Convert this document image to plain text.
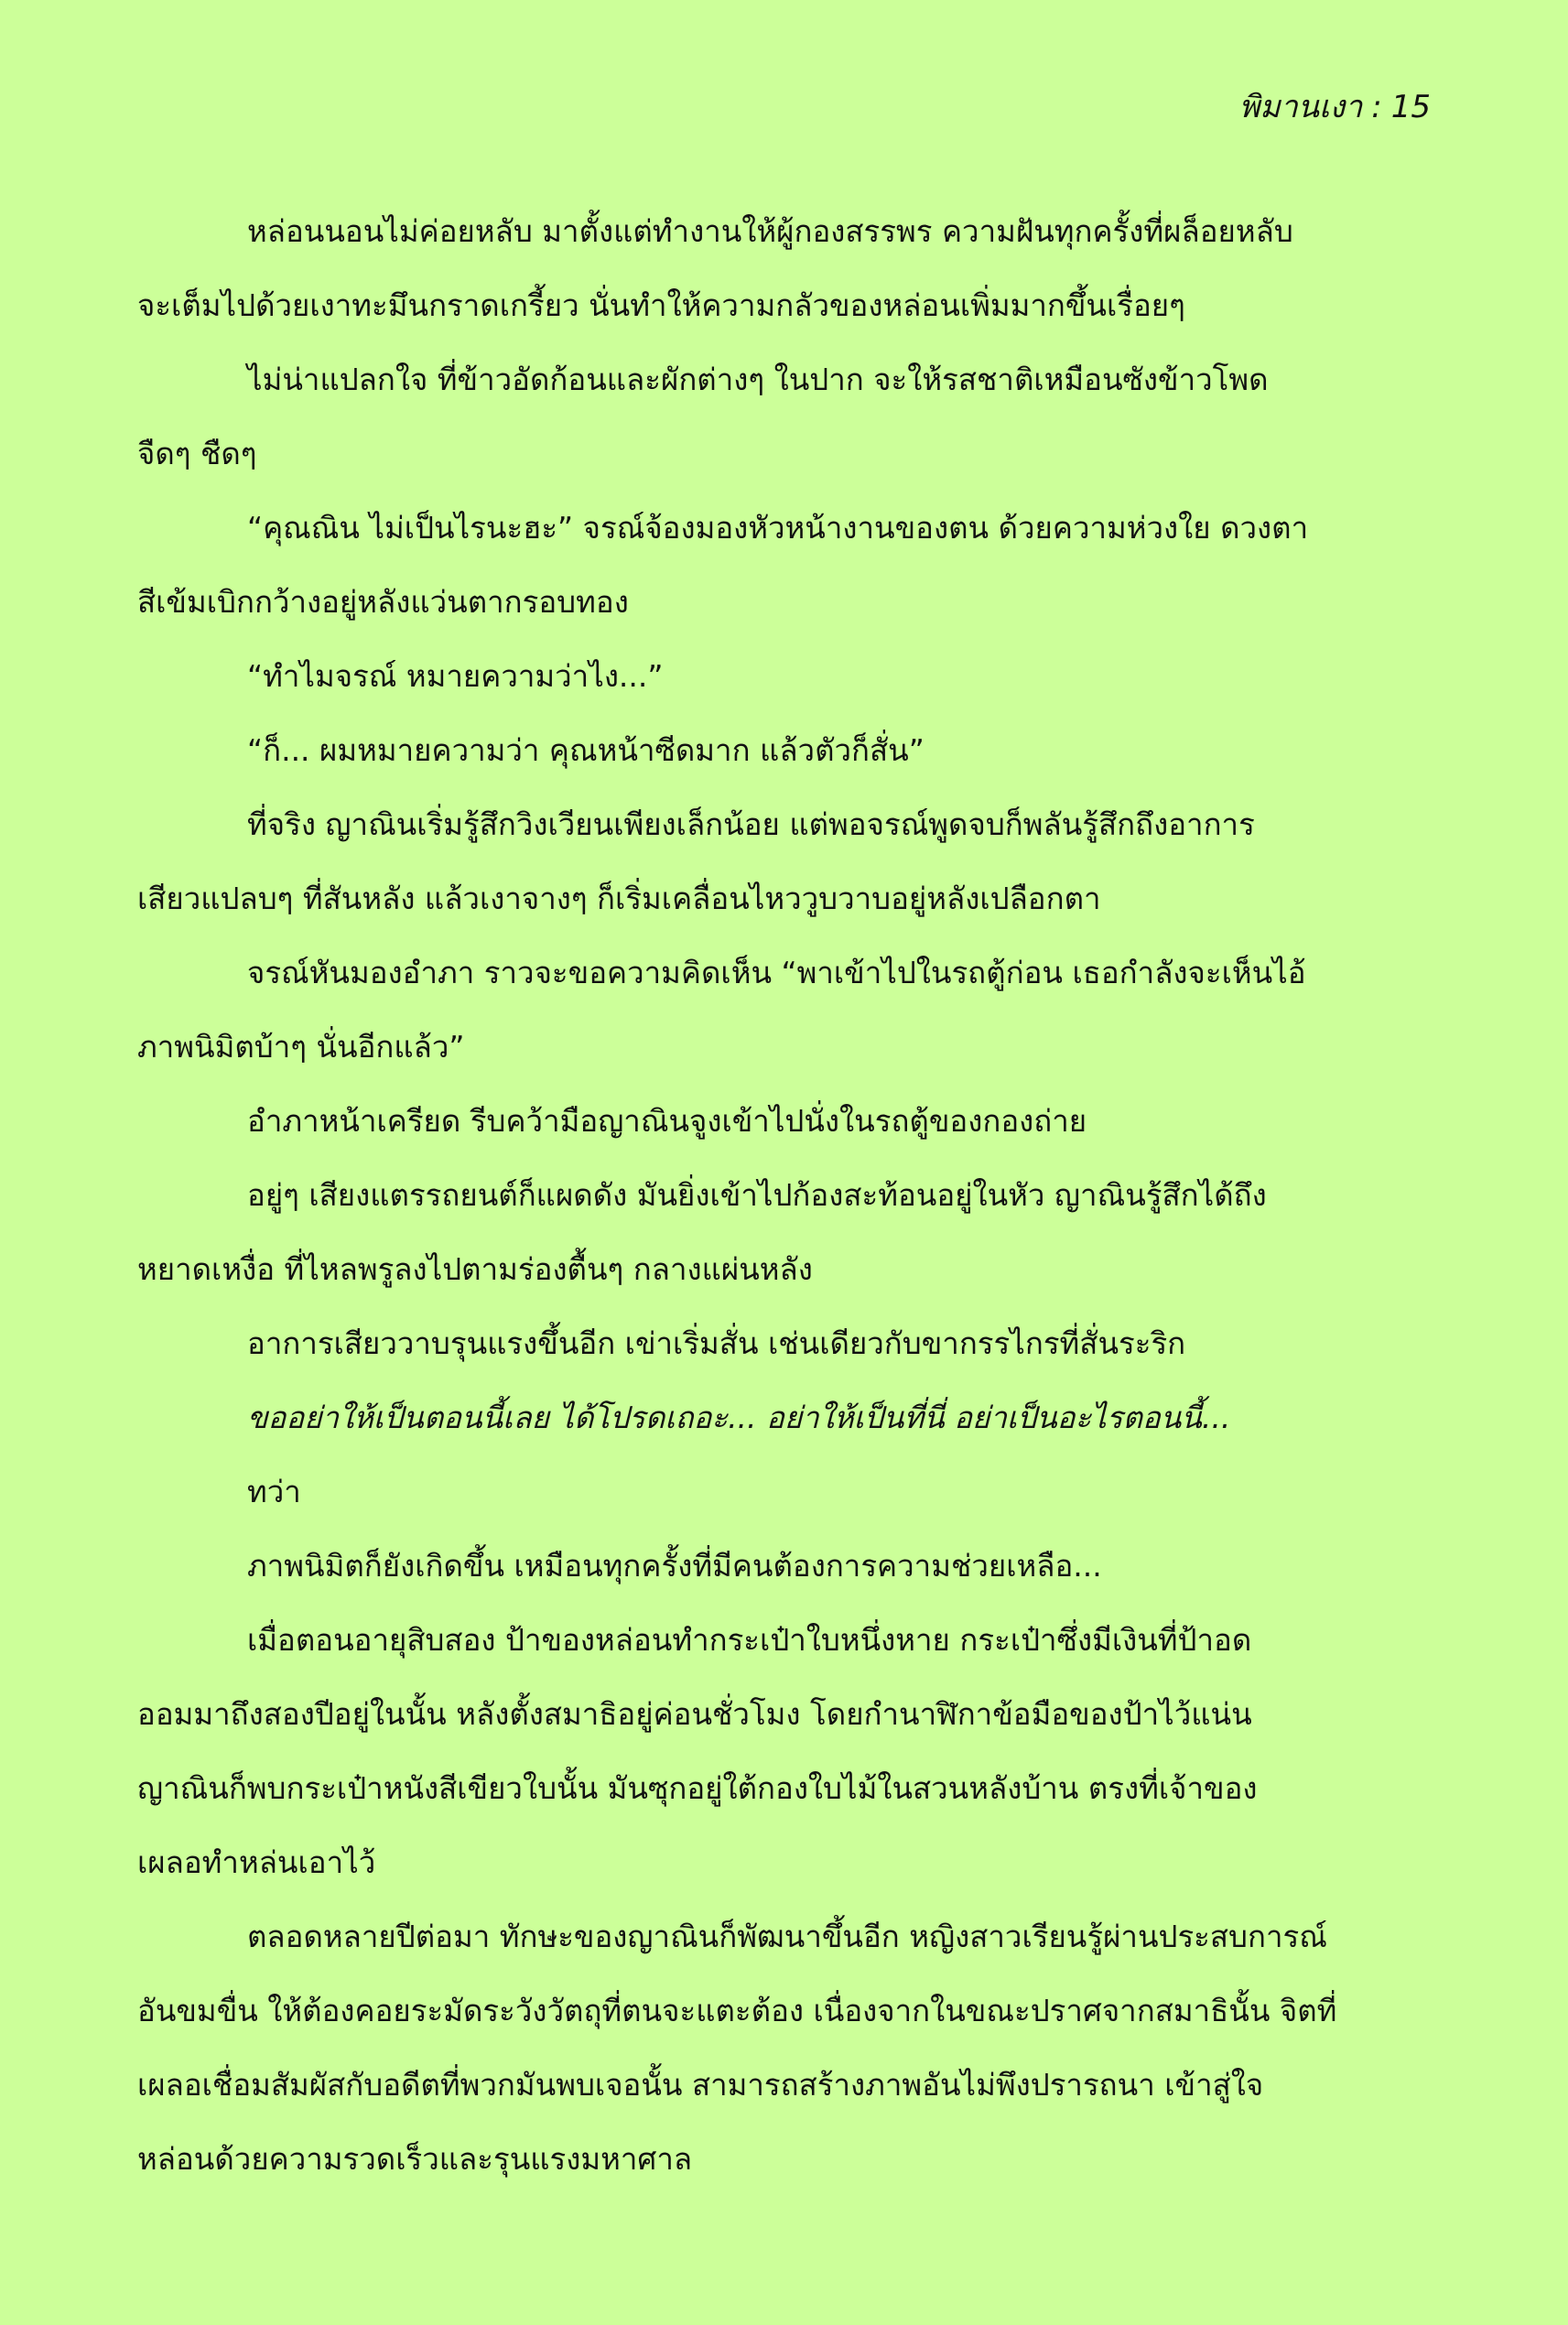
พิมานเงา : 15
หล่อนนอนไม่ค่อยหลับ มาตั้งแต่ทำงานให้ผู้กองสรรพร ความฝันทุกครั้งที่ผล็อยหลับ
จะเต็มไปด้วยเงาทะมึนกราดเกรี้ยว นั่นทำให้ความกลัวของหล่อนเพิ่มมากขึ้นเรื่อยๆ
ไม่น่าแปลกใจ ที่ข้าวอัดก้อนและผักต่างๆ ในปาก จะให้รสชาติเหมือนซังข้าวโพด
จืดๆ ชืดๆ
“คุณณิน ไม่เป็นไรนะฮะ” จรณ์จ้องมองหัวหน้างานของตน ด้วยความห่วงใย ดวงตา
สีเข้มเบิกกว้างอยู่หลังแว่นตากรอบทอง
“ทำไมจรณ์ หมายความว่าไง...”
“ก็... ผมหมายความว่า คุณหน้าซีดมาก แล้วตัวก็สั่น”
ที่จริง ญาณินเริ่มรู้สึกวิงเวียนเพียงเล็กน้อย แต่พอจรณ์พูดจบก็พลันรู้สึกถึงอาการ
เสียวแปลบๆ ที่สันหลัง แล้วเงาจางๆ ก็เริ่มเคลื่อนไหววูบวาบอยู่หลังเปลือกตา
จรณ์หันมองอำภา ราวจะขอความคิดเห็น “พาเข้าไปในรถตู้ก่อน เธอกำลังจะเห็นไอ้
ภาพนิมิตบ้าๆ นั่นอีกแล้ว”
อำภาหน้าเครียด รีบคว้ามือญาณินจูงเข้าไปนั่งในรถตู้ของกองถ่าย
อยู่ๆ เสียงแตรรถยนต์ก็แผดดัง มันยิ่งเข้าไปก้องสะท้อนอยู่ในหัว ญาณินรู้สึกได้ถึง
หยาดเหงื่อ ที่ไหลพรูลงไปตามร่องตื้นๆ กลางแผ่นหลัง
อาการเสียววาบรุนแรงขึ้นอีก เข่าเริ่มสั่น เช่นเดียวกับขากรรไกรที่สั่นระริก
ขออย่าให้เป็นตอนนี้เลย ได้โปรดเถอะ... อย่าให้เป็นที่นี่ อย่าเป็นอะไรตอนนี้...
ทว่า
ภาพนิมิตก็ยังเกิดขึ้น เหมือนทุกครั้งที่มีคนต้องการความช่วยเหลือ...
เมื่อตอนอายุสิบสอง ป้าของหล่อนทำกระเป๋าใบหนึ่งหาย กระเป๋าซึ่งมีเงินที่ป้าอด
ออมมาถึงสองปีอยู่ในนั้น หลังตั้งสมาธิอยู่ค่อนชั่วโมง โดยกำนาฬิกาข้อมือของป้าไว้แน่น
ญาณินก็พบกระเป๋าหนังสีเขียวใบนั้น มันซุกอยู่ใต้กองใบไม้ในสวนหลังบ้าน ตรงที่เจ้าของ
เผลอทำหล่นเอาไว้
ตลอดหลายปีต่อมา ทักษะของญาณินก็พัฒนาขึ้นอีก หญิงสาวเรียนรู้ผ่านประสบการณ์
อันขมขื่น ให้ต้องคอยระมัดระวังวัตถุที่ตนจะแตะต้อง เนื่องจากในขณะปราศจากสมาธินั้น จิตที่
เผลอเชื่อมสัมผัสกับอดีตที่พวกมันพบเจอนั้น สามารถสร้างภาพอันไม่พึงปรารถนา เข้าสู่ใจ
หล่อนด้วยความรวดเร็วและรุนแรงมหาศาล
